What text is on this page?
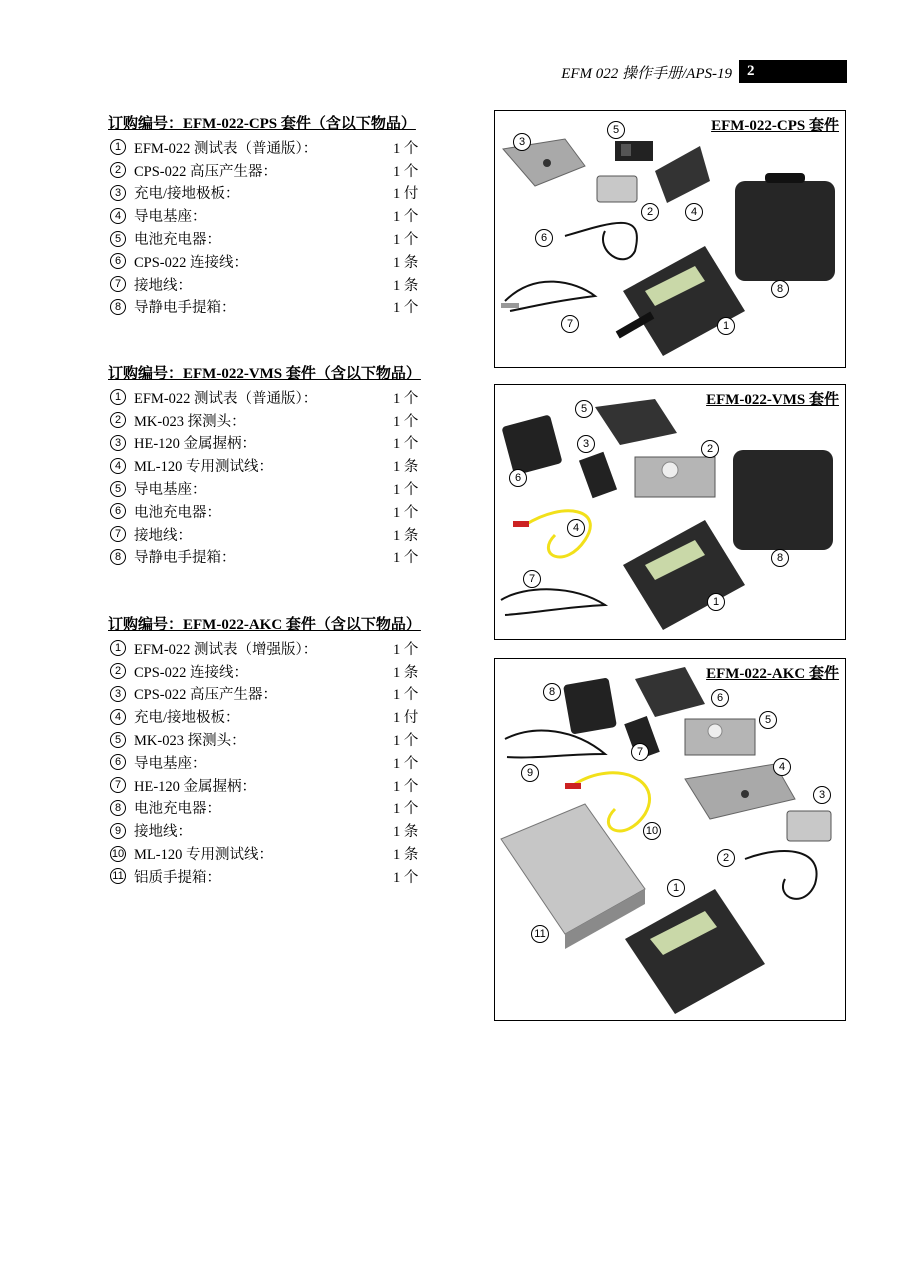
EFM 022 操作手册/APS-19	2
订购编号：EFM-022-CPS 套件（含以下物品）
1 EFM-022 测试表（普通版）：	1 个
2 CPS-022 高压产生器：	1 个
3 充电/接地极板：	1 付
4 导电基座：	1 个
5 电池充电器：	1 个
6 CPS-022 连接线：	1 条
7 接地线：	1 条
8 导静电手提箱：	1 个
订购编号：EFM-022-VMS 套件（含以下物品）
1 EFM-022 测试表（普通版）：	1 个
2 MK-023 探测头：	1 个
3 HE-120 金属握柄：	1 个
4 ML-120 专用测试线：	1 条
5 导电基座：	1 个
6 电池充电器：	1 个
7 接地线：	1 条
8 导静电手提箱：	1 个
订购编号：EFM-022-AKC 套件（含以下物品）
1 EFM-022 测试表（增强版）：	1 个
2 CPS-022 连接线：	1 条
3 CPS-022 高压产生器：	1 个
4 充电/接地极板：	1 付
5 MK-023 探测头：	1 个
6 导电基座：	1 个
7 HE-120 金属握柄：	1 个
8 电池充电器：	1 个
9 接地线：	1 条
10 ML-120 专用测试线：	1 条
11 铝质手提箱：	1 个
EFM-022-CPS 套件
3
5
2	4
6
8
7	1
EFM-022-VMS 套件
5
3	2
6
4
8
7
1
EFM-022-AKC 套件
8	6
5
7
9	4
3
10
2
1
11
